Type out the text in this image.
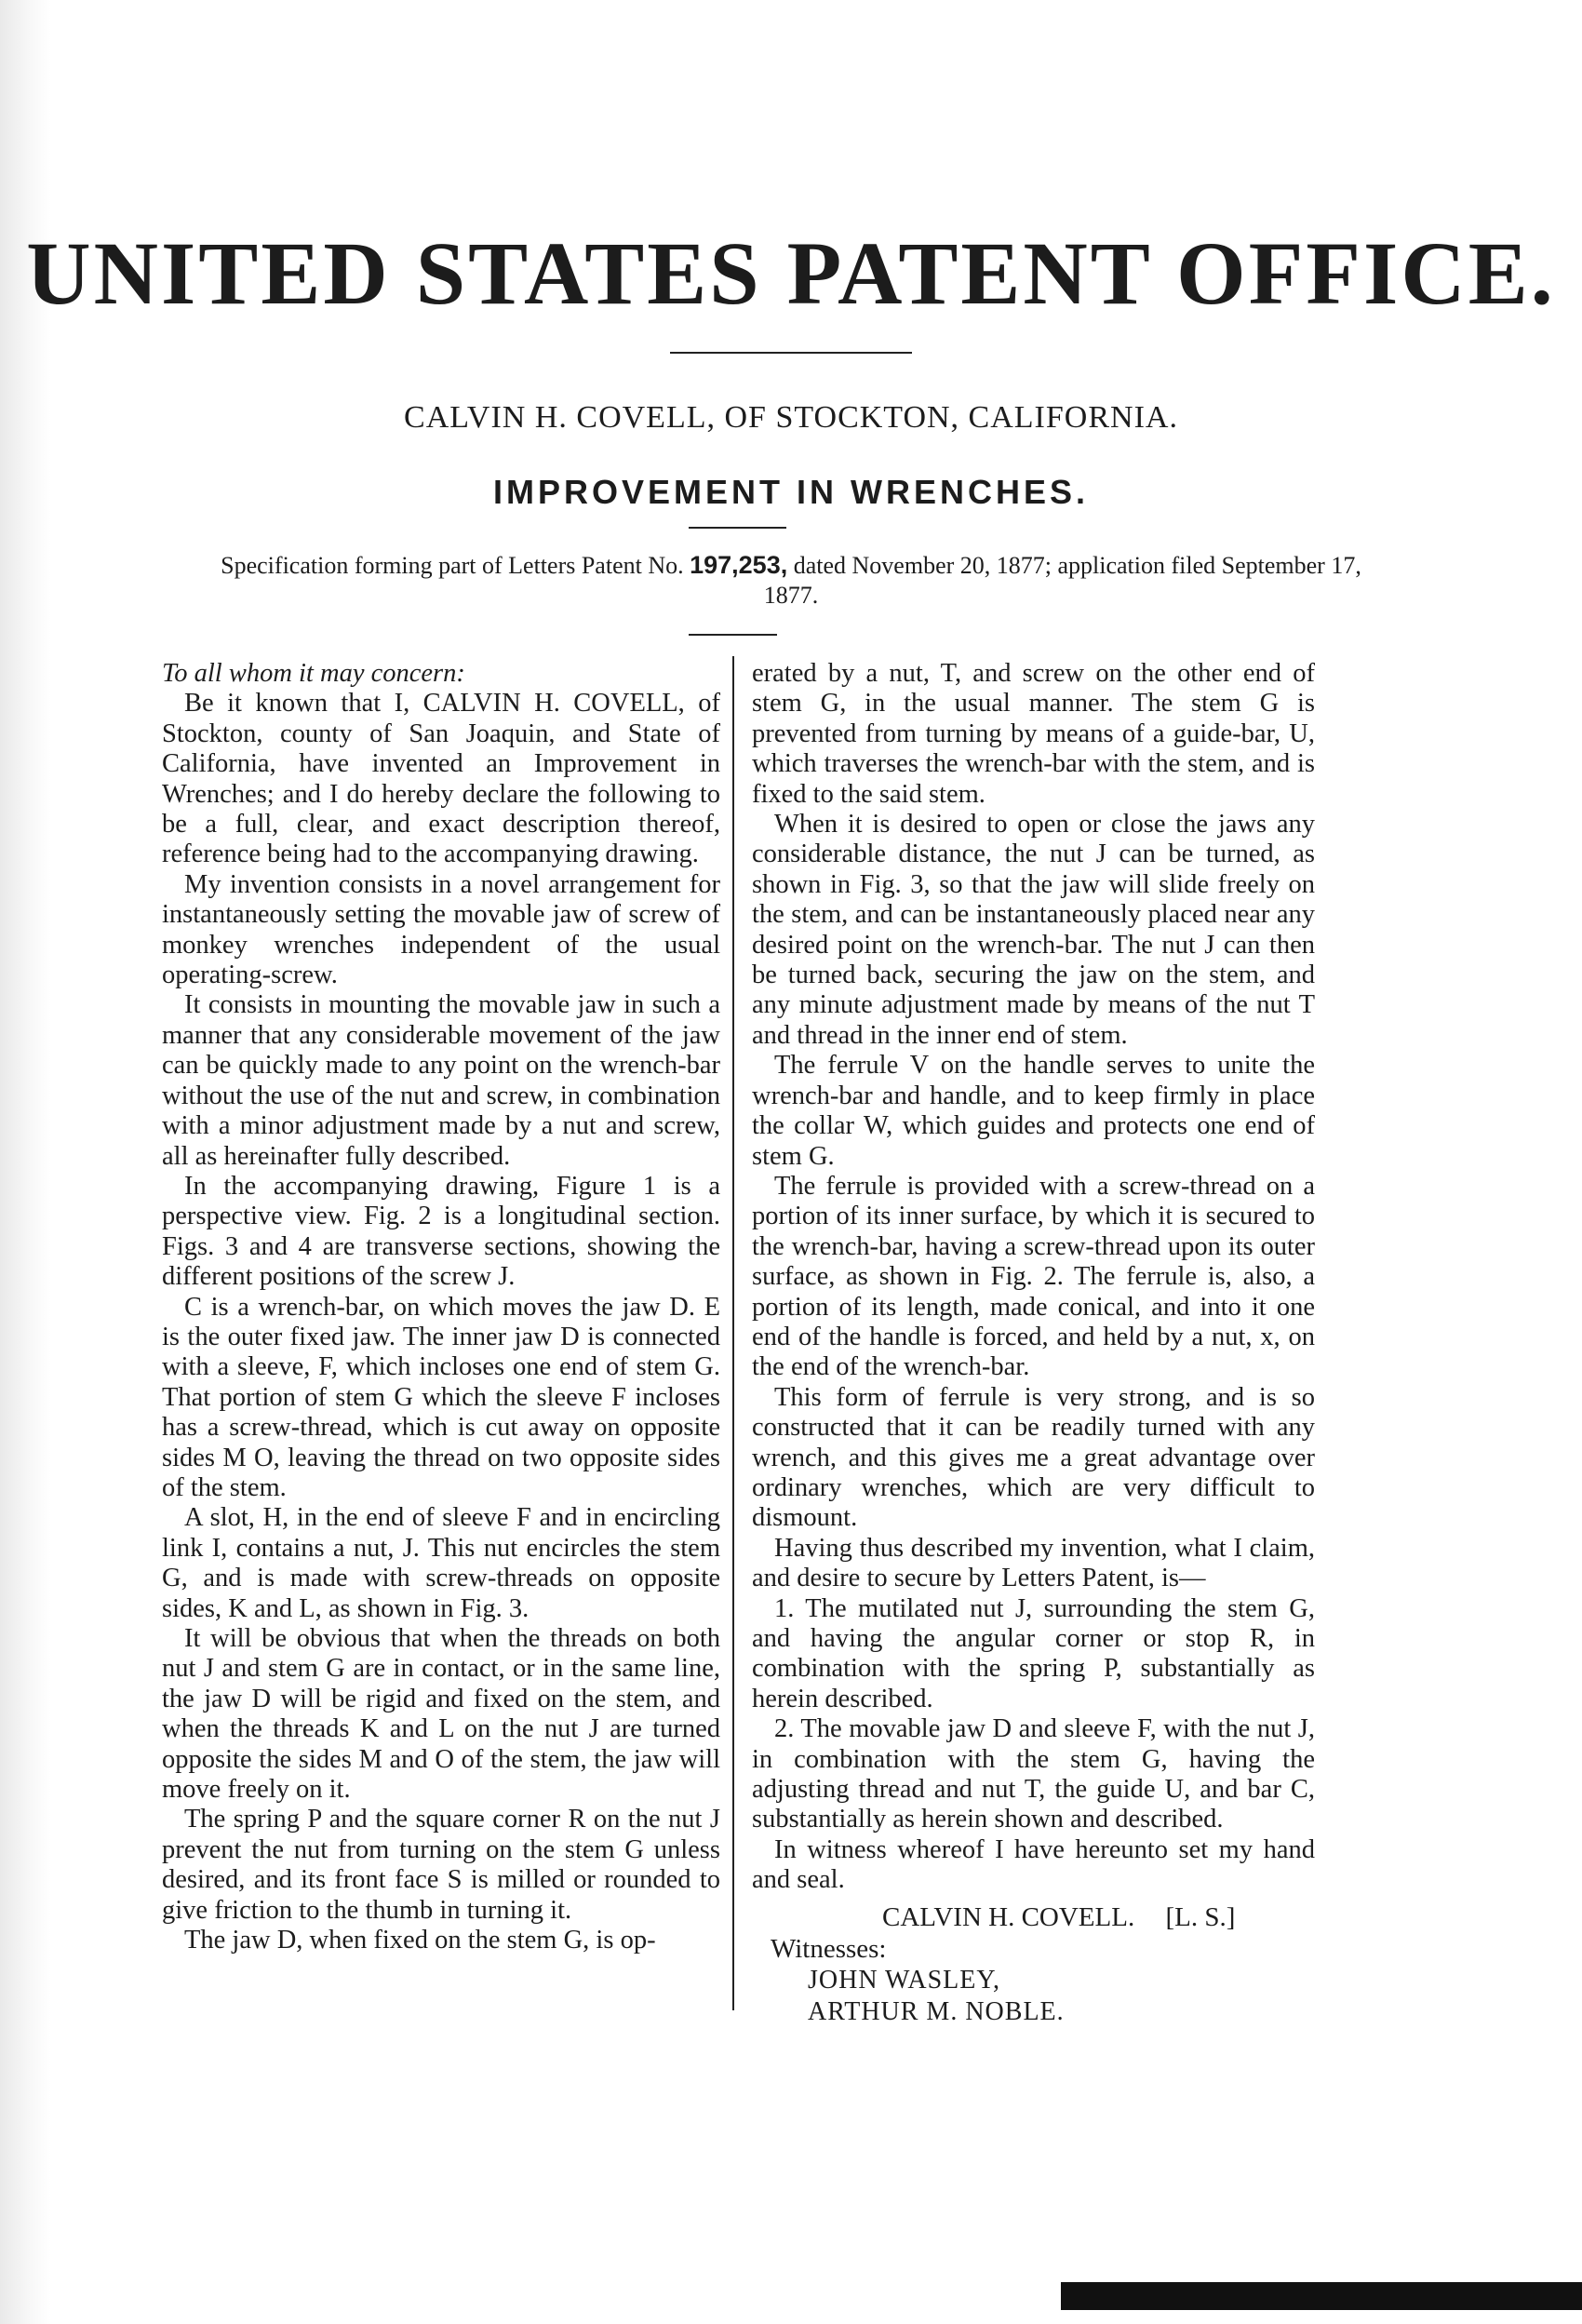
UNITED STATES PATENT OFFICE.

CALVIN H. COVELL, OF STOCKTON, CALIFORNIA.

IMPROVEMENT IN WRENCHES.

Specification forming part of Letters Patent No. 197,253, dated November 20, 1877; application filed September 17, 1877.

To all whom it may concern:

Be it known that I, CALVIN H. COVELL, of Stockton, county of San Joaquin, and State of California, have invented an Improvement in Wrenches; and I do hereby declare the following to be a full, clear, and exact description thereof, reference being had to the accompanying drawing.

My invention consists in a novel arrangement for instantaneously setting the movable jaw of screw of monkey wrenches independent of the usual operating-screw.

It consists in mounting the movable jaw in such a manner that any considerable movement of the jaw can be quickly made to any point on the wrench-bar without the use of the nut and screw, in combination with a minor adjustment made by a nut and screw, all as hereinafter fully described.

In the accompanying drawing, Figure 1 is a perspective view. Fig. 2 is a longitudinal section. Figs. 3 and 4 are transverse sections, showing the different positions of the screw J.

C is a wrench-bar, on which moves the jaw D. E is the outer fixed jaw. The inner jaw D is connected with a sleeve, F, which incloses one end of stem G. That portion of stem G which the sleeve F incloses has a screw-thread, which is cut away on opposite sides M O, leaving the thread on two opposite sides of the stem.

A slot, H, in the end of sleeve F and in encircling link I, contains a nut, J. This nut encircles the stem G, and is made with screw-threads on opposite sides, K and L, as shown in Fig. 3.

It will be obvious that when the threads on both nut J and stem G are in contact, or in the same line, the jaw D will be rigid and fixed on the stem, and when the threads K and L on the nut J are turned opposite the sides M and O of the stem, the jaw will move freely on it.

The spring P and the square corner R on the nut J prevent the nut from turning on the stem G unless desired, and its front face S is milled or rounded to give friction to the thumb in turning it.

The jaw D, when fixed on the stem G, is op-

erated by a nut, T, and screw on the other end of stem G, in the usual manner. The stem G is prevented from turning by means of a guide-bar, U, which traverses the wrench-bar with the stem, and is fixed to the said stem.

When it is desired to open or close the jaws any considerable distance, the nut J can be turned, as shown in Fig. 3, so that the jaw will slide freely on the stem, and can be instantaneously placed near any desired point on the wrench-bar. The nut J can then be turned back, securing the jaw on the stem, and any minute adjustment made by means of the nut T and thread in the inner end of stem.

The ferrule V on the handle serves to unite the wrench-bar and handle, and to keep firmly in place the collar W, which guides and protects one end of stem G.

The ferrule is provided with a screw-thread on a portion of its inner surface, by which it is secured to the wrench-bar, having a screw-thread upon its outer surface, as shown in Fig. 2. The ferrule is, also, a portion of its length, made conical, and into it one end of the handle is forced, and held by a nut, x, on the end of the wrench-bar.

This form of ferrule is very strong, and is so constructed that it can be readily turned with any wrench, and this gives me a great advantage over ordinary wrenches, which are very difficult to dismount.

Having thus described my invention, what I claim, and desire to secure by Letters Patent, is—

1. The mutilated nut J, surrounding the stem G, and having the angular corner or stop R, in combination with the spring P, substantially as herein described.

2. The movable jaw D and sleeve F, with the nut J, in combination with the stem G, having the adjusting thread and nut T, the guide U, and bar C, substantially as herein shown and described.

In witness whereof I have hereunto set my hand and seal.

CALVIN H. COVELL. [L. S.]
Witnesses:
JOHN WASLEY,
ARTHUR M. NOBLE.
